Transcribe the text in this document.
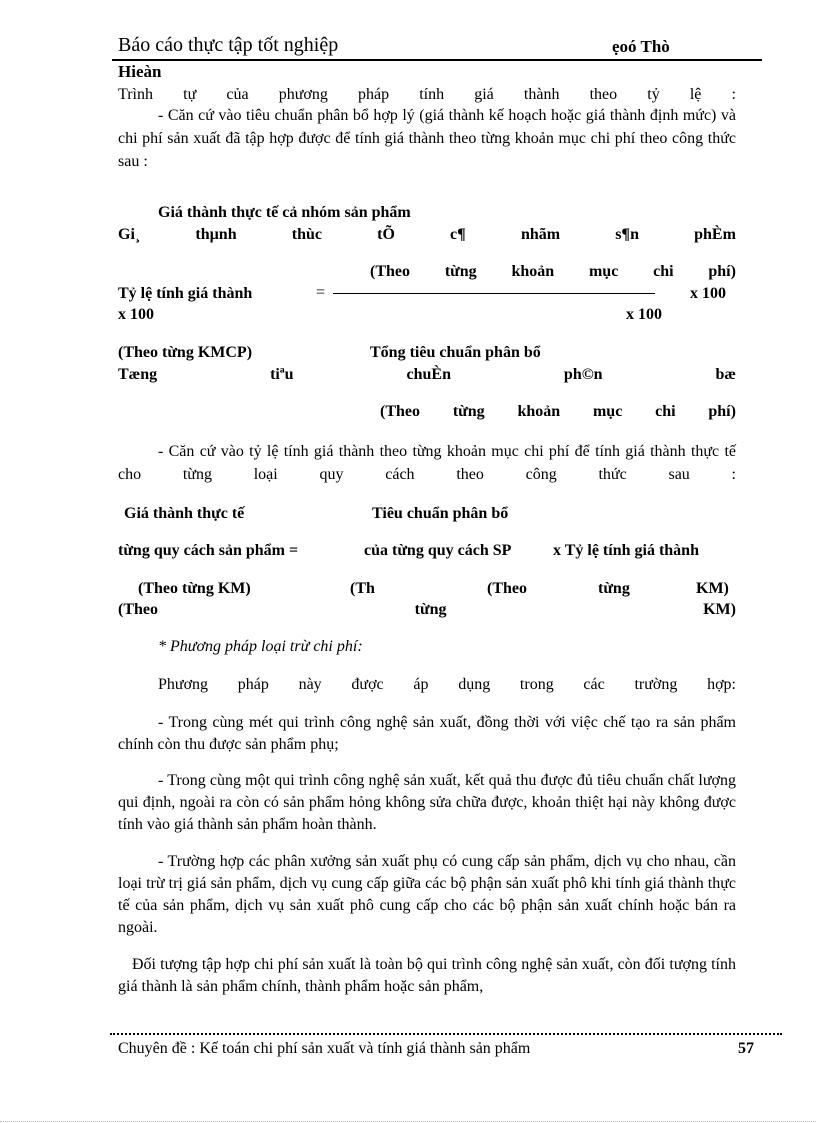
Báo cáo thực tập tốt nghiệp	ẹoó Thò
Hieàn
Trình tự của phương pháp tính giá thành theo tỷ lệ :
- Căn cứ vào tiêu chuẩn phân bổ hợp lý (giá thành kế hoạch hoặc giá thành định mức) và chi phí sản xuất đã tập hợp được để tính giá thành theo từng khoản mục chi phí theo công thức sau :
Giá thành thực tế cả nhóm sản phẩm
Gi¸	thµnh	thùc	tÕ	c¶	nhãm	s¶n	phÈm
(Theo từng khoản mục chi phí)
Tỷ lệ tính giá thành	=	x 100
x 100	x 100
(Theo từng KMCP)	Tổng tiêu chuẩn phân bổ
Tæng	tiªu	chuÈn	ph©n	bæ
(Theo từng khoản mục chi phí)
- Căn cứ vào tỷ lệ tính giá thành theo từng khoản mục chi phí để tính giá thành thực tế cho từng loại quy cách theo công thức sau :
Giá thành thực tế	Tiêu chuẩn phân bổ
từng quy cách sản phẩm =	của từng quy cách SP	x Tỷ lệ tính giá thành
(Theo từng KM)	(Th	(Theo	từng	KM)
(Theo	từng	KM)
* Phương pháp loại trừ chi phí:
Phương pháp này được áp dụng trong các trường hợp:
- Trong cùng mét qui trình công nghệ sản xuất, đồng thời với việc chế tạo ra sản phẩm chính còn thu được sản phẩm phụ;
- Trong cùng một qui trình công nghệ sản xuất, kết quả thu được đủ tiêu chuẩn chất lượng qui định, ngoài ra còn có sản phẩm hỏng không sửa chữa được, khoản thiệt hại này không được tính vào giá thành sản phẩm hoàn thành.
- Trường hợp các phân xưởng sản xuất phụ có cung cấp sản phẩm, dịch vụ cho nhau, cần loại trừ trị giá sản phẩm, dịch vụ cung cấp giữa các bộ phận sản xuất phô khi tính giá thành thực tế của sản phẩm, dịch vụ sản xuất phô cung cấp cho các bộ phận sản xuất chính hoặc bán ra ngoài.
Đối tượng tập hợp chi phí sản xuất là toàn bộ qui trình công nghệ sản xuất, còn đối tượng tính giá thành là sản phẩm chính, thành phẩm hoặc sản phẩm,
Chuyên đề : Kế toán chi phí sản xuất và tính giá thành sản phẩm	57
